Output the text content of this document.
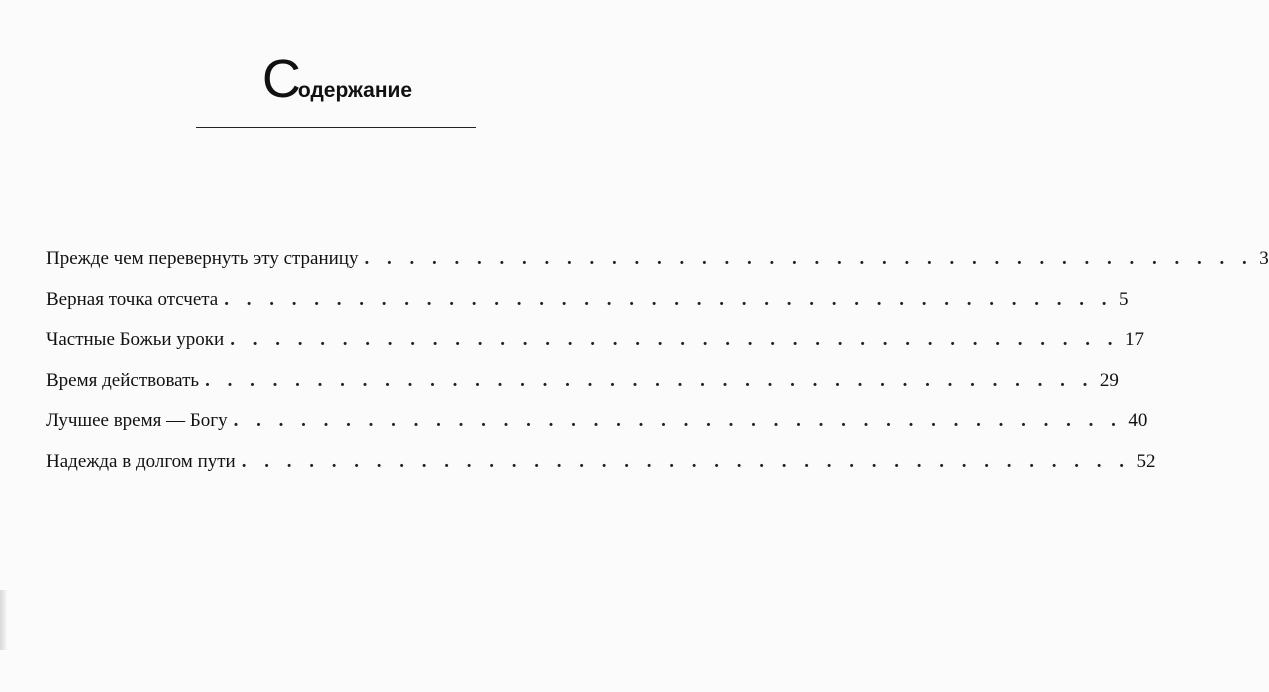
Содержание
Прежде чем перевернуть эту страницу . . . . . . . . . . . . . . . . . . . . . . . . . . . . . . . . . . . . . . . . 3
Верная точка отсчета . . . . . . . . . . . . . . . . . . . . . . . . . . . . . . . . . . . . . . . . 5
Частные Божьи уроки . . . . . . . . . . . . . . . . . . . . . . . . . . . . . . . . . . . . . . . . 17
Время действовать . . . . . . . . . . . . . . . . . . . . . . . . . . . . . . . . . . . . . . . . 29
Лучшее время — Богу . . . . . . . . . . . . . . . . . . . . . . . . . . . . . . . . . . . . . . . . 40
Надежда в долгом пути . . . . . . . . . . . . . . . . . . . . . . . . . . . . . . . . . . . . . . . . 52
